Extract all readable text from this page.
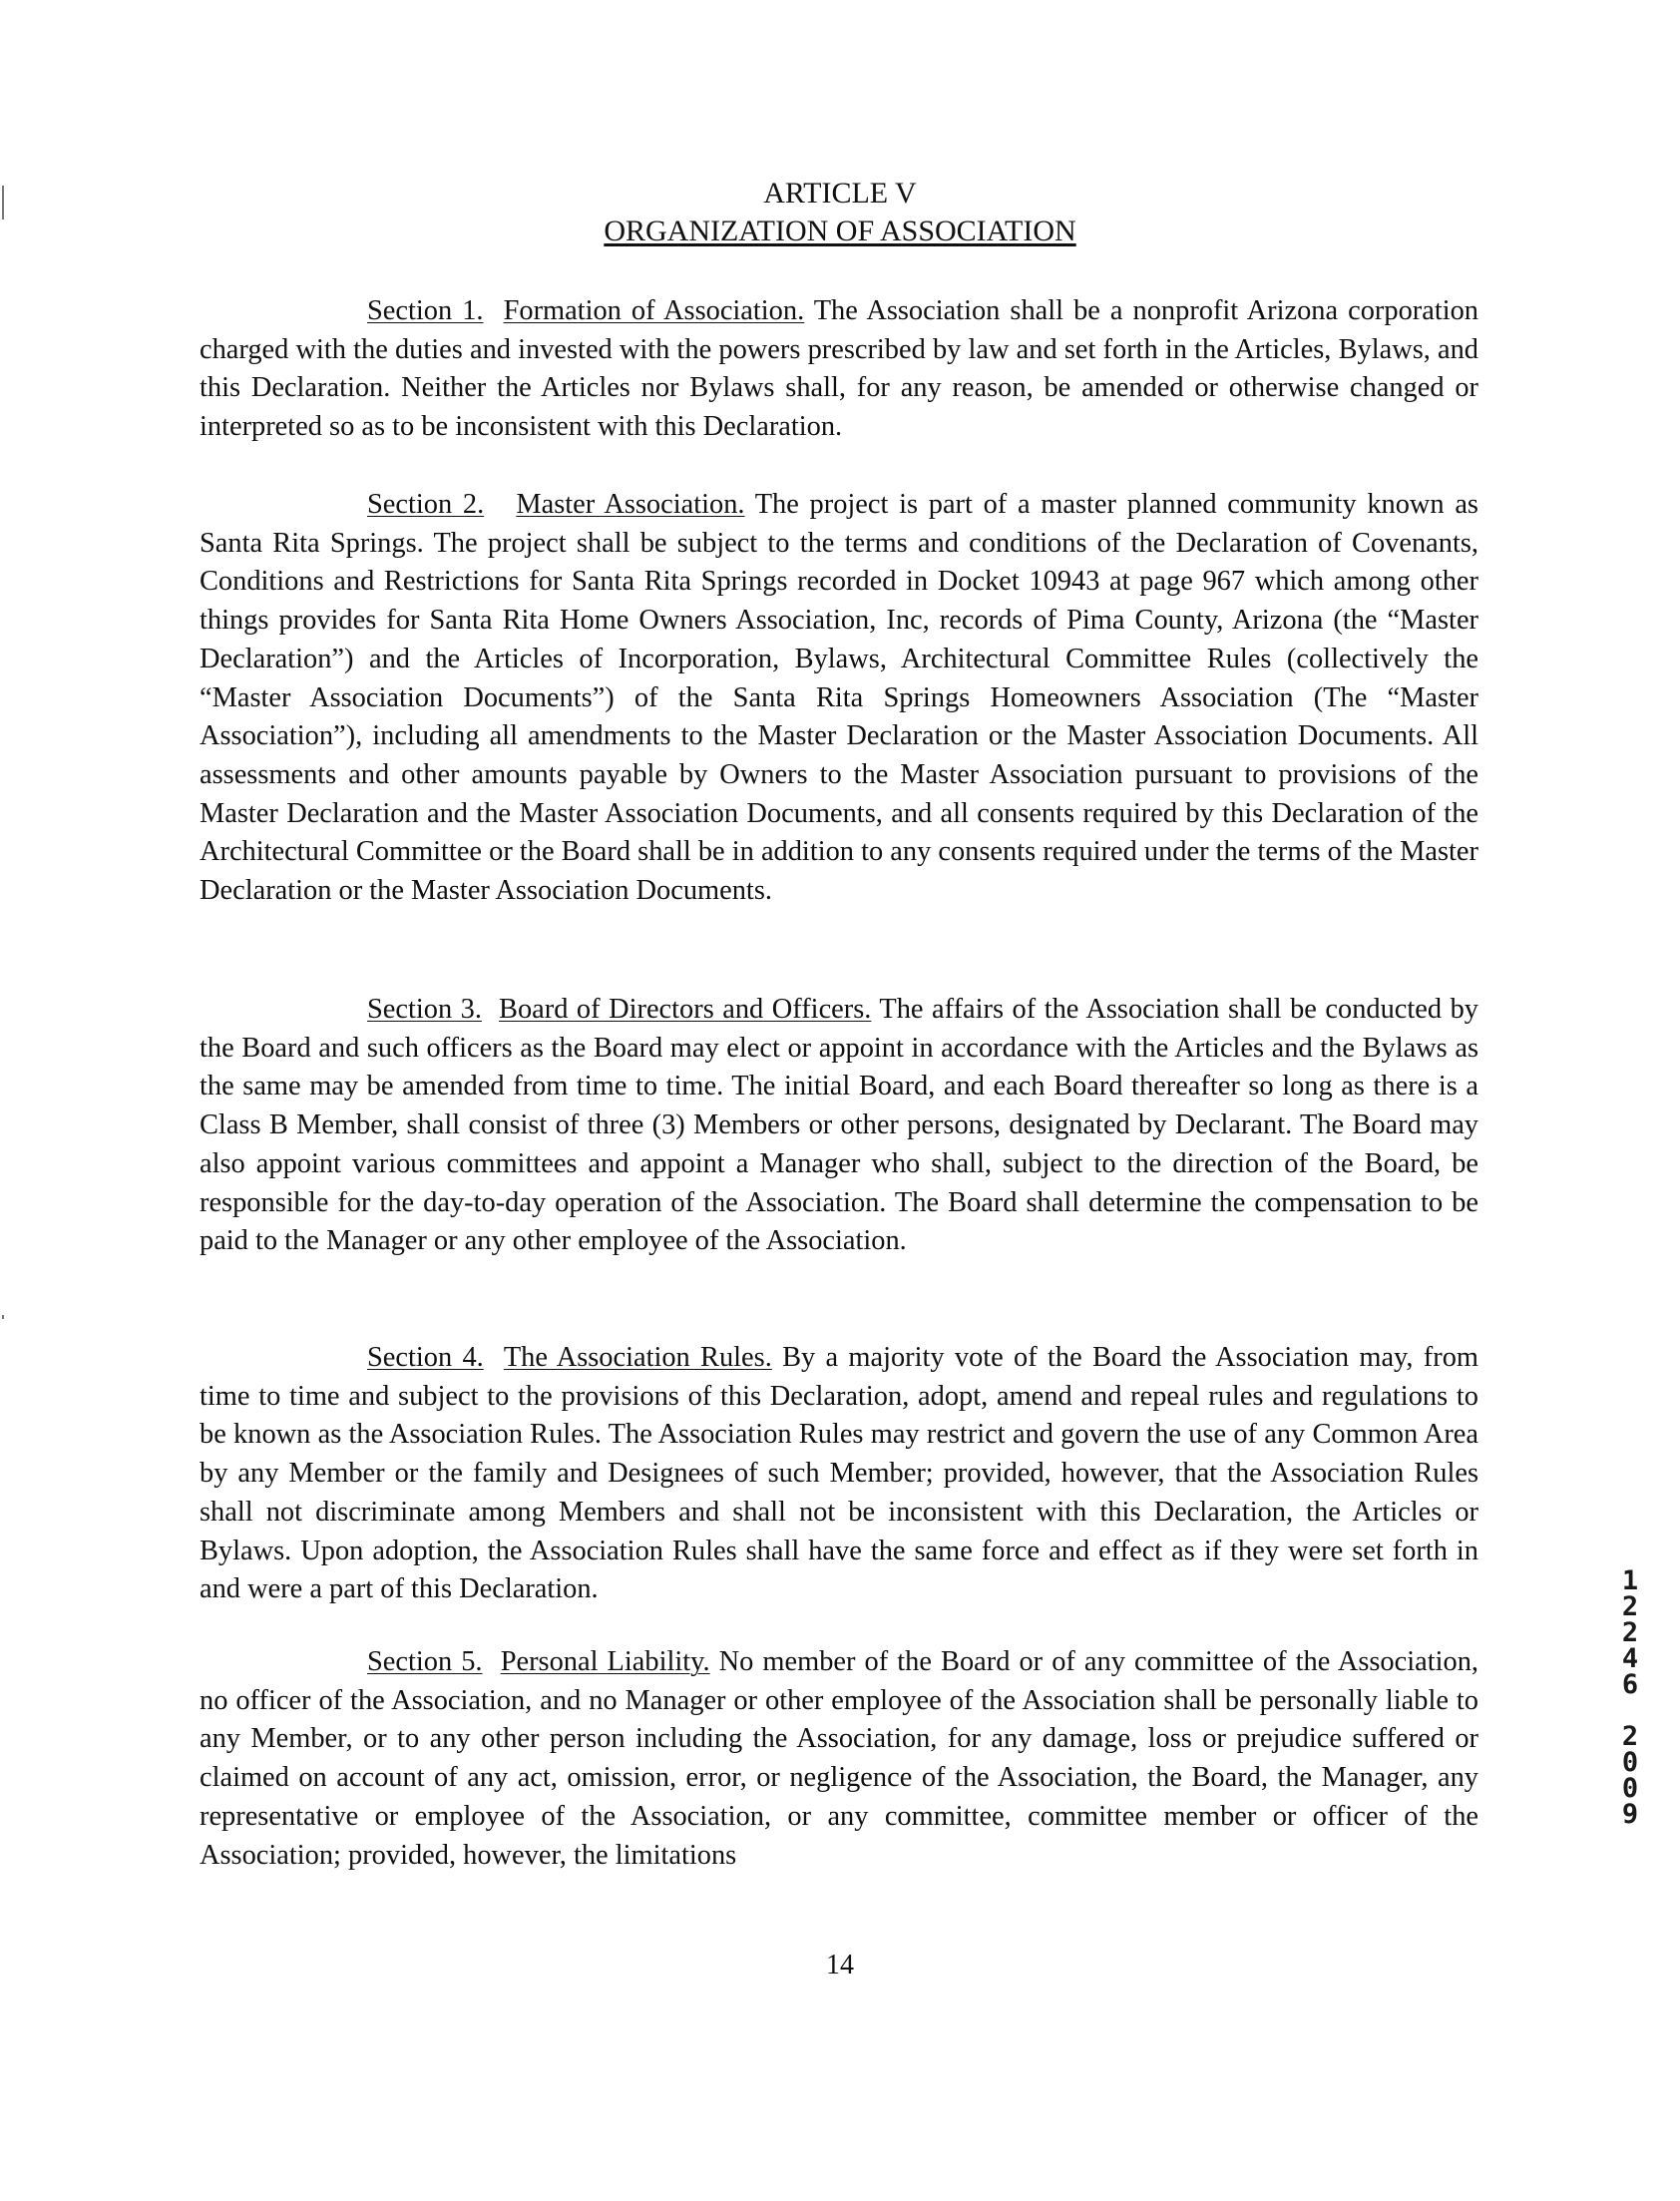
ARTICLE V
ORGANIZATION OF ASSOCIATION

Section 1. Formation of Association. The Association shall be a nonprofit Arizona corporation charged with the duties and invested with the powers prescribed by law and set forth in the Articles, Bylaws, and this Declaration. Neither the Articles nor Bylaws shall, for any reason, be amended or otherwise changed or interpreted so as to be inconsistent with this Declaration.

Section 2. Master Association. The project is part of a master planned community known as Santa Rita Springs. The project shall be subject to the terms and conditions of the Declaration of Covenants, Conditions and Restrictions for Santa Rita Springs recorded in Docket 10943 at page 967 which among other things provides for Santa Rita Home Owners Association, Inc, records of Pima County, Arizona (the “Master Declaration”) and the Articles of Incorporation, Bylaws, Architectural Committee Rules (collectively the “Master Association Documents”) of the Santa Rita Springs Homeowners Association (The “Master Association”), including all amendments to the Master Declaration or the Master Association Documents. All assessments and other amounts payable by Owners to the Master Association pursuant to provisions of the Master Declaration and the Master Association Documents, and all consents required by this Declaration of the Architectural Committee or the Board shall be in addition to any consents required under the terms of the Master Declaration or the Master Association Documents.

Section 3. Board of Directors and Officers. The affairs of the Association shall be conducted by the Board and such officers as the Board may elect or appoint in accordance with the Articles and the Bylaws as the same may be amended from time to time. The initial Board, and each Board thereafter so long as there is a Class B Member, shall consist of three (3) Members or other persons, designated by Declarant. The Board may also appoint various committees and appoint a Manager who shall, subject to the direction of the Board, be responsible for the day-to-day operation of the Association. The Board shall determine the compensation to be paid to the Manager or any other employee of the Association.

Section 4. The Association Rules. By a majority vote of the Board the Association may, from time to time and subject to the provisions of this Declaration, adopt, amend and repeal rules and regulations to be known as the Association Rules. The Association Rules may restrict and govern the use of any Common Area by any Member or the family and Designees of such Member; provided, however, that the Association Rules shall not discriminate among Members and shall not be inconsistent with this Declaration, the Articles or Bylaws. Upon adoption, the Association Rules shall have the same force and effect as if they were set forth in and were a part of this Declaration.

Section 5. Personal Liability. No member of the Board or of any committee of the Association, no officer of the Association, and no Manager or other employee of the Association shall be personally liable to any Member, or to any other person including the Association, for any damage, loss or prejudice suffered or claimed on account of any act, omission, error, or negligence of the Association, the Board, the Manager, any representative or employee of the Association, or any committee, committee member or officer of the Association; provided, however, the limitations

14
1
2
2
4
6
2
0
0
9
